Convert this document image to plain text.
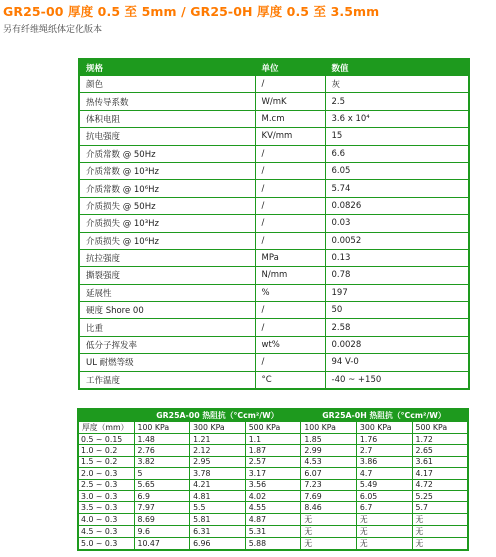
GR25-00 厚度 0.5 至 5mm / GR25-0H 厚度 0.5 至 3.5mm
另有纤维绳纸体定化版本
规格	单位	数值
颜色	/	灰
热传导系数	W/mK	2.5
体积电阻	M.cm	3.6 x 10⁴
抗电强度	KV/mm	15
介质常数 @ 50Hz	/	6.6
介质常数 @ 10³Hz	/	6.05
介质常数 @ 10⁶Hz	/	5.74
介质损失 @ 50Hz	/	0.0826
介质损失 @ 10³Hz	/	0.03
介质损失 @ 10⁶Hz	/	0.0052
抗拉强度	MPa	0.13
撕裂强度	N/mm	0.78
延展性	%	197
硬度 Shore 00	/	50
比重	/	2.58
低分子挥发率	wt%	0.0028
UL 耐燃等级	/	94 V-0
工作温度	°C	-40 ~ +150
	GR25A-00 热阻抗（°Ccm²/W）			GR25A-0H 热阻抗（°Ccm²/W）		
厚度（mm）	100 KPa	300 KPa	500 KPa	100 KPa	300 KPa	500 KPa
0.5 ~ 0.15	1.48	1.21	1.1	1.85	1.76	1.72
1.0 ~ 0.2	2.76	2.12	1.87	2.99	2.7	2.65
1.5 ~ 0.2	3.82	2.95	2.57	4.53	3.86	3.61
2.0 ~ 0.3	5	3.78	3.17	6.07	4.7	4.17
2.5 ~ 0.3	5.65	4.21	3.56	7.23	5.49	4.72
3.0 ~ 0.3	6.9	4.81	4.02	7.69	6.05	5.25
3.5 ~ 0.3	7.97	5.5	4.55	8.46	6.7	5.7
4.0 ~ 0.3	8.69	5.81	4.87	无	无	无
4.5 ~ 0.3	9.6	6.31	5.31	无	无	无
5.0 ~ 0.3	10.47	6.96	5.88	无	无	无
